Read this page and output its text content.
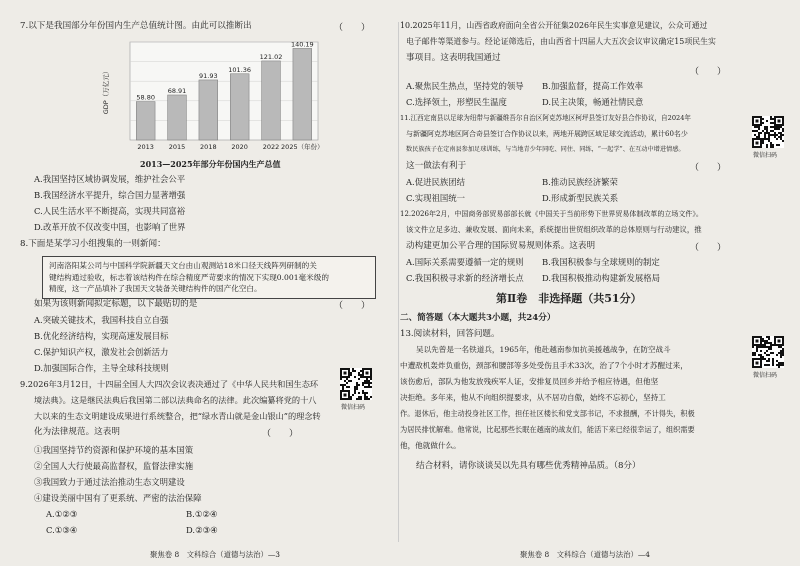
7.以下是我国部分年份国内生产总值统计图。由此可以推断出	（　　）
58.80
2013
68.91
2015
91.93
2018
101.36
2020
121.02
2022
140.19
2025（年份）
GDP（万亿元）
2013—2025年部分年份国内生产总值
A.我国坚持区域协调发展，维护社会公平
B.我国经济水平提升，综合国力显著增强
C.人民生活水平不断提高，实现共同富裕
D.改革开放不仅改变中国，也影响了世界
8.下面是某学习小组搜集的一则新闻：
河南洛阳某公司与中国科学院新疆天文台由山观测站18米口径天线阵列研制的关
键结构通过验收，标志着该结构件在综合精度严苛要求的情况下实现0.001毫米级的
精度，这一产品填补了我国天文装备关键结构件的国产化空白。
如果为该则新闻拟定标题，以下最贴切的是	（　　）
A.突破关键技术，我国科技自立自强
B.优化经济结构，实现高速发展目标
C.保护知识产权，激发社会创新活力
D.加强国际合作，主导全球科技规则
9.2026年3月12日，十四届全国人大四次会议表决通过了《中华人民共和国生态环
境法典》。这是继民法典后我国第二部以法典命名的法律。此次编纂将党的十八
大以来的生态文明建设成果进行系统整合，把“绿水青山就是金山银山”的理念转
化为法律规范。这表明	（　　）
微信扫码
①我国坚持节约资源和保护环境的基本国策
②全国人大行使最高监督权，监督法律实施
③我国致力于通过法治推动生态文明建设
④建设美丽中国有了更系统、严密的法治保障
A.①②③	B.①②④
C.①③④	D.②③④
聚焦卷 8　文科综合（道德与法治）—3
10.2025年11月，山西省政府面向全省公开征集2026年民生实事意见建议，公众可通过
电子邮件等渠道参与。经论证筛选后，由山西省十四届人大五次会议审议确定15项民生实
事项目。这表明我国通过
（　　）
A.聚焦民生热点，坚持党的领导 B.加强监督，提高工作效率
C.选择领土，形塑民生温度	D.民主决策，畅通社情民意
11.江西定南县以足球为纽带与新疆维吾尔自治区阿克苏地区柯坪县签订友好县合作协议，自2024年
与新疆阿克苏地区阿合奇县签订合作协议以来，两地开展跨区域足球交流活动，累计60名少
数民族孩子在定南县参加足球训练，与当地青少年同吃、同住、同练，“一起学”、在互动中增进情感。
微信扫码
这一做法有利于	（　　）
A.促进民族团结	B.推动民族经济繁荣
C.实现祖国统一	D.形成新型民族关系
12.2026年2月，中国商务部贸易部部长就《中国关于当前形势下世界贸易体制改革的立场文件》。
该文件立足多边、兼收发展、面向未来，系统提出世贸组织改革的总体原则与行动建议，推
动构建更加公平合理的国际贸易规则体系。这表明	（　　）
A.国际关系需要遵循一定的规则 B.我国积极参与全球规则的制定
C.我国积极寻求新的经济增长点 D.我国积极推动构建新发展格局
第Ⅱ卷　非选择题（共51分）
二、简答题（本大题共3小题，共24分）
13.阅读材料，回答问题。
微信扫码
吴以先曾是一名铁道兵，1965年，他赴越南参加抗美援越战争，在防空战斗
中遭敌机轰炸负重伤，颈部和腰部等多处受伤且手术33次，治了7个小时才苏醒过来，
该伤愈后，部队为他发放残疾军人证，安排复员回乡并给予相应待遇，但他坚
决拒绝。多年来，他从不向组织提要求，从不居功自傲，始终不忘初心，坚持工
作。退休后，他主动投身社区工作，担任社区楼长和党支部书记，不求报酬，不计得失，积极
为居民排忧解难。他常说，比起那些长眠在越南的战友们，能活下来已经很幸运了，组织需要
他，他就做什么。
结合材料，请你谈谈吴以先具有哪些优秀精神品质。（8分）
聚焦卷 8　文科综合（道德与法治）—4
